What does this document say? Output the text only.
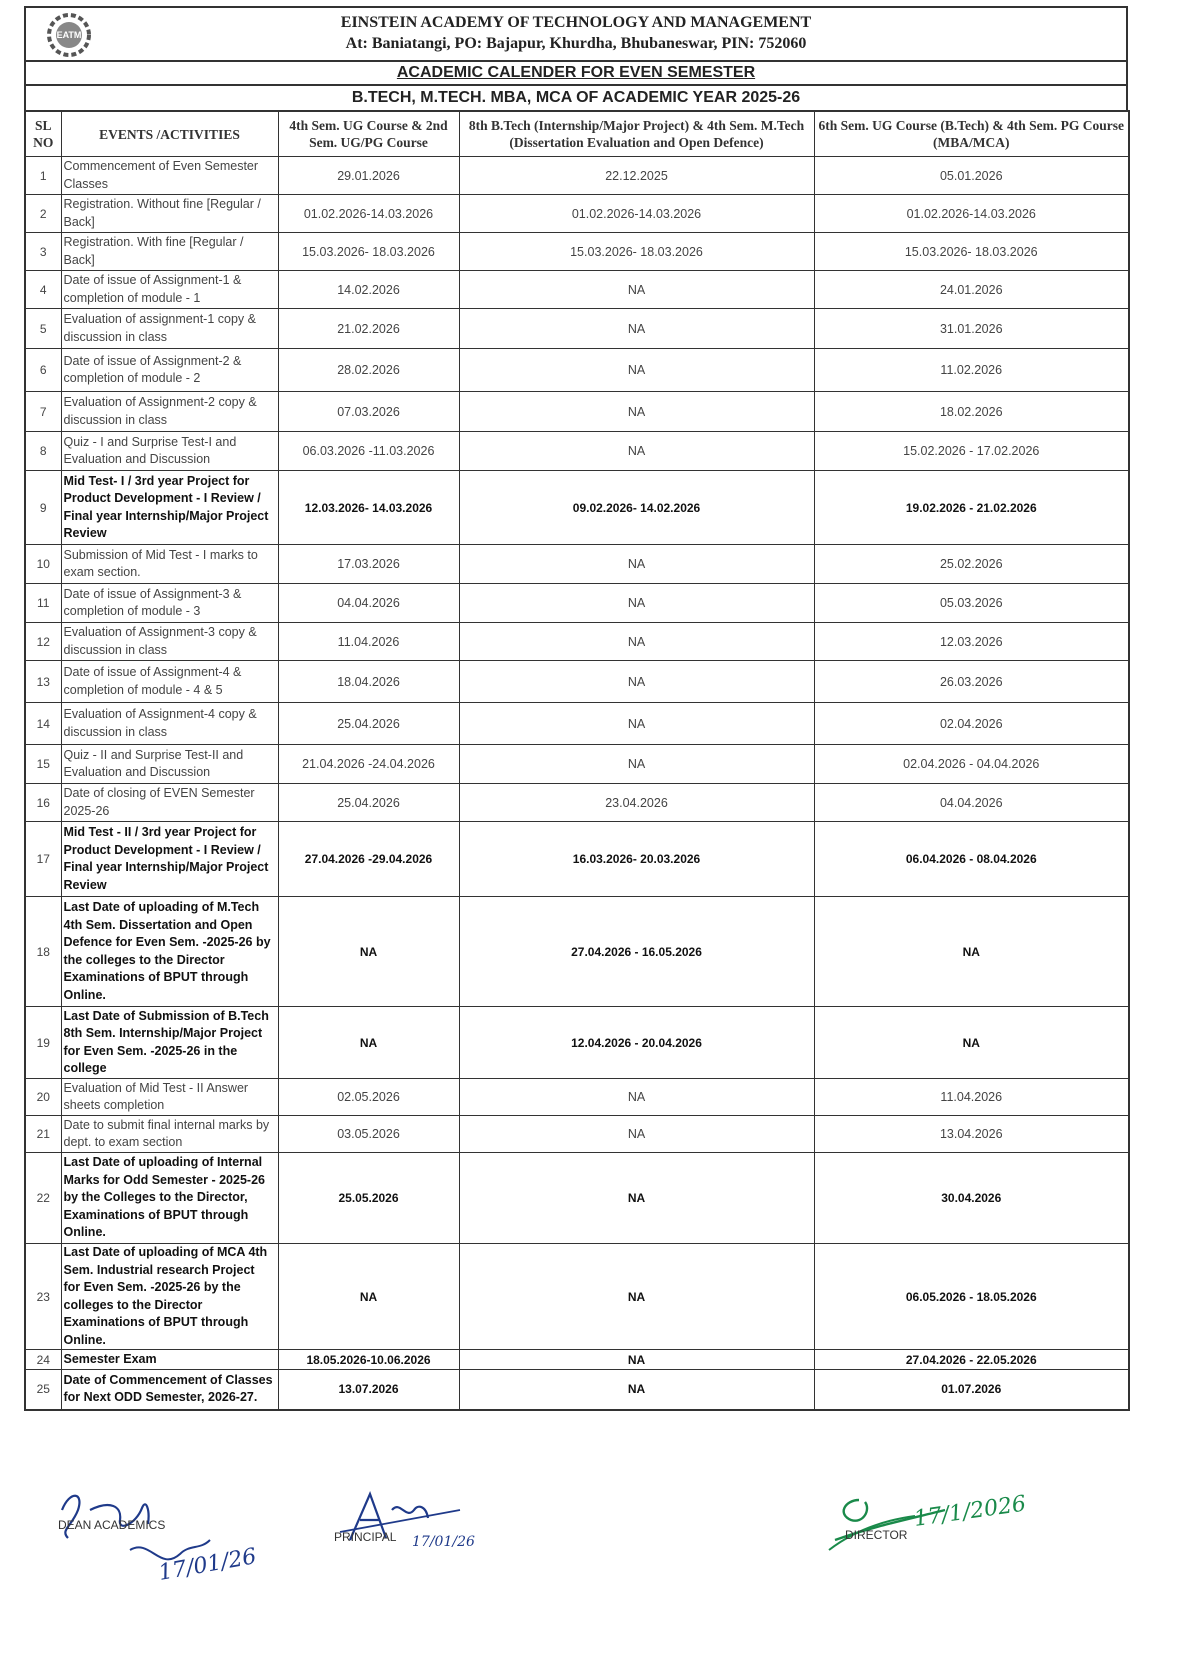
EATM
EINSTEIN ACADEMY OF TECHNOLOGY AND MANAGEMENT
At: Baniatangi, PO: Bajapur, Khurdha, Bhubaneswar, PIN: 752060
ACADEMIC CALENDER FOR EVEN SEMESTER
B.TECH, M.TECH. MBA, MCA OF ACADEMIC YEAR 2025-26
SL NO	EVENTS /ACTIVITIES	4th Sem. UG Course & 2nd Sem. UG/PG Course	8th B.Tech (Internship/Major Project) & 4th Sem. M.Tech (Dissertation Evaluation and Open Defence)	6th Sem. UG Course (B.Tech) & 4th Sem. PG Course (MBA/MCA)
1	Commencement of Even Semester Classes	29.01.2026	22.12.2025	05.01.2026
2	Registration. Without fine [Regular / Back]	01.02.2026-14.03.2026	01.02.2026-14.03.2026	01.02.2026-14.03.2026
3	Registration. With fine [Regular / Back]	15.03.2026- 18.03.2026	15.03.2026- 18.03.2026	15.03.2026- 18.03.2026
4	Date of issue of Assignment-1 & completion of module - 1	14.02.2026	NA	24.01.2026
5	Evaluation of assignment-1 copy & discussion in class	21.02.2026	NA	31.01.2026
6	Date of issue of Assignment-2 & completion of module - 2	28.02.2026	NA	11.02.2026
7	Evaluation of Assignment-2 copy & discussion in class	07.03.2026	NA	18.02.2026
8	Quiz - I and Surprise Test-I and Evaluation and Discussion	06.03.2026 -11.03.2026	NA	15.02.2026 - 17.02.2026
9	Mid Test- I / 3rd year Project for Product Development - I Review / Final year Internship/Major Project Review	12.03.2026- 14.03.2026	09.02.2026- 14.02.2026	19.02.2026 - 21.02.2026
10	Submission of Mid Test - I marks to exam section.	17.03.2026	NA	25.02.2026
11	Date of issue of Assignment-3 & completion of module - 3	04.04.2026	NA	05.03.2026
12	Evaluation of Assignment-3 copy & discussion in class	11.04.2026	NA	12.03.2026
13	Date of issue of Assignment-4 & completion of module - 4 & 5	18.04.2026	NA	26.03.2026
14	Evaluation of Assignment-4 copy & discussion in class	25.04.2026	NA	02.04.2026
15	Quiz - II and Surprise Test-II and Evaluation and Discussion	21.04.2026 -24.04.2026	NA	02.04.2026 - 04.04.2026
16	Date of closing of EVEN Semester 2025-26	25.04.2026	23.04.2026	04.04.2026
17	Mid Test - II / 3rd year Project for Product Development - I Review / Final year Internship/Major Project Review	27.04.2026 -29.04.2026	16.03.2026- 20.03.2026	06.04.2026 - 08.04.2026
18	Last Date of uploading of M.Tech 4th Sem. Dissertation and Open Defence for Even Sem. -2025-26 by the colleges to the Director Examinations of BPUT through Online.	NA	27.04.2026 - 16.05.2026	NA
19	Last Date of Submission of B.Tech 8th Sem. Internship/Major Project for Even Sem. -2025-26 in the college	NA	12.04.2026 - 20.04.2026	NA
20	Evaluation of Mid Test - II Answer sheets completion	02.05.2026	NA	11.04.2026
21	Date to submit final internal marks by dept. to exam section	03.05.2026	NA	13.04.2026
22	Last Date of uploading of Internal Marks for Odd Semester - 2025-26 by the Colleges to the Director, Examinations of BPUT through Online.	25.05.2026	NA	30.04.2026
23	Last Date of uploading of MCA 4th Sem. Industrial research Project for Even Sem. -2025-26 by the colleges to the Director Examinations of BPUT through Online.	NA	NA	06.05.2026 - 18.05.2026
24	Semester Exam	18.05.2026-10.06.2026	NA	27.04.2026 - 22.05.2026
25	Date of Commencement of Classes for Next ODD Semester, 2026-27.	13.07.2026	NA	01.07.2026
17/01/26
DEAN ACADEMICS
17/01/26
PRINCIPAL
17/1/2026
DIRECTOR
